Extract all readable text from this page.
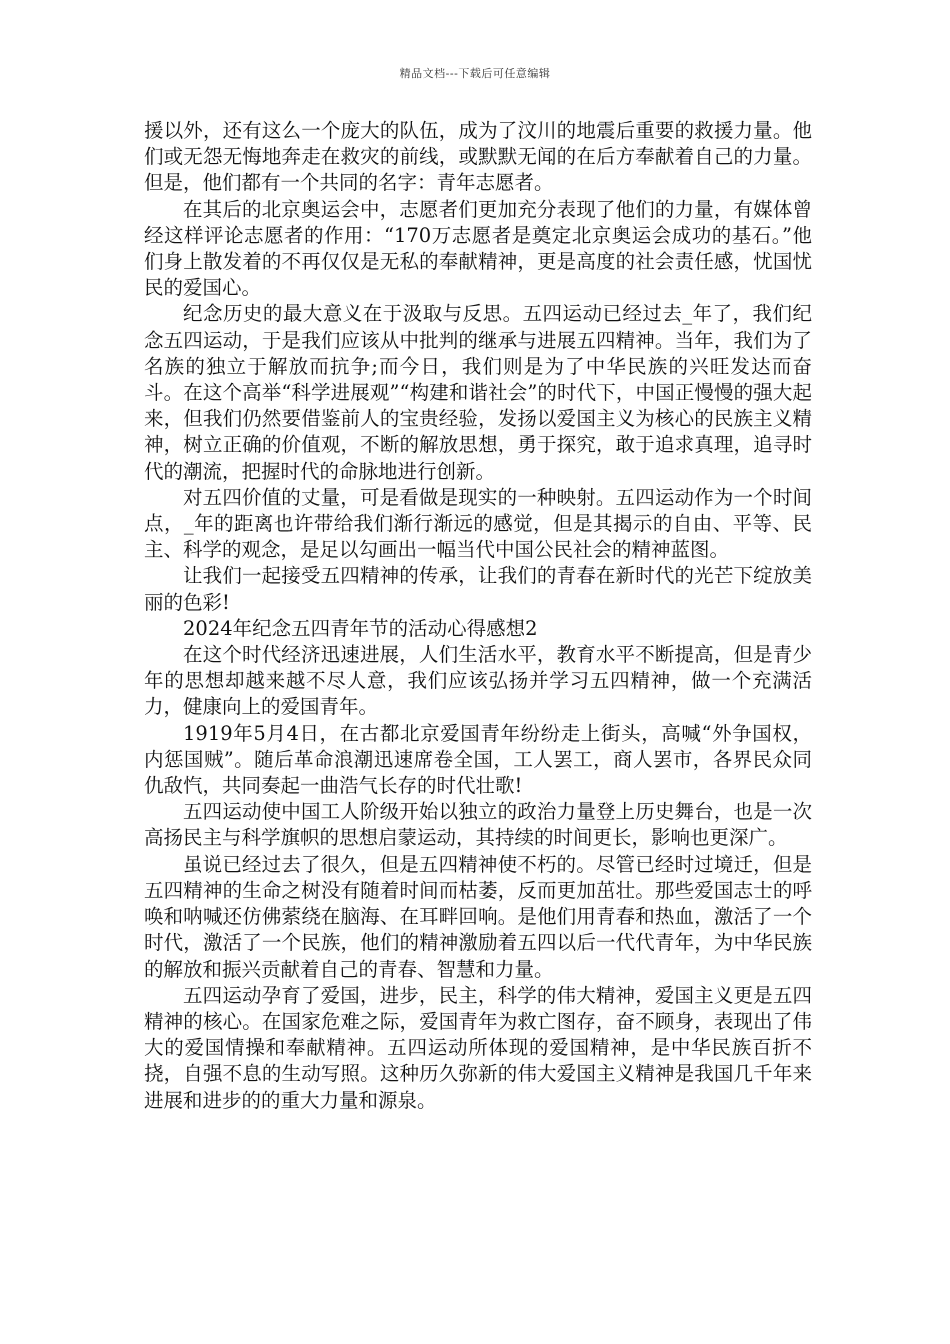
精品文档---下载后可任意编辑

援以外，还有这么一个庞大的队伍，成为了汶川的地震后重要的救援力量。他们或无怨无悔地奔走在救灾的前线，或默默无闻的在后方奉献着自己的力量。但是，他们都有一个共同的名字：青年志愿者。

在其后的北京奥运会中，志愿者们更加充分表现了他们的力量，有媒体曾经这样评论志愿者的作用：“170万志愿者是奠定北京奥运会成功的基石。”他们身上散发着的不再仅仅是无私的奉献精神，更是高度的社会责任感，忧国忧民的爱国心。

纪念历史的最大意义在于汲取与反思。五四运动已经过去_年了，我们纪念五四运动，于是我们应该从中批判的继承与进展五四精神。当年，我们为了名族的独立于解放而抗争;而今日，我们则是为了中华民族的兴旺发达而奋斗。在这个高举“科学进展观”“构建和谐社会”的时代下，中国正慢慢的强大起来，但我们仍然要借鉴前人的宝贵经验，发扬以爱国主义为核心的民族主义精神，树立正确的价值观，不断的解放思想，勇于探究，敢于追求真理，追寻时代的潮流，把握时代的命脉地进行创新。

对五四价值的丈量，可是看做是现实的一种映射。五四运动作为一个时间点，_年的距离也许带给我们渐行渐远的感觉，但是其揭示的自由、平等、民主、科学的观念，是足以勾画出一幅当代中国公民社会的精神蓝图。

让我们一起接受五四精神的传承，让我们的青春在新时代的光芒下绽放美丽的色彩!

2024年纪念五四青年节的活动心得感想2

在这个时代经济迅速进展，人们生活水平，教育水平不断提高，但是青少年的思想却越来越不尽人意，我们应该弘扬并学习五四精神，做一个充满活力，健康向上的爱国青年。

1919年5月4日，在古都北京爱国青年纷纷走上街头，高喊“外争国权，内惩国贼”。随后革命浪潮迅速席卷全国，工人罢工，商人罢市，各界民众同仇敌忾，共同奏起一曲浩气长存的时代壮歌!

五四运动使中国工人阶级开始以独立的政治力量登上历史舞台，也是一次高扬民主与科学旗帜的思想启蒙运动，其持续的时间更长，影响也更深广。

虽说已经过去了很久，但是五四精神使不朽的。尽管已经时过境迁，但是五四精神的生命之树没有随着时间而枯萎，反而更加茁壮。那些爱国志士的呼唤和呐喊还仿佛萦绕在脑海、在耳畔回响。是他们用青春和热血，激活了一个时代，激活了一个民族，他们的精神激励着五四以后一代代青年，为中华民族的解放和振兴贡献着自己的青春、智慧和力量。

五四运动孕育了爱国，进步，民主，科学的伟大精神，爱国主义更是五四精神的核心。在国家危难之际，爱国青年为救亡图存，奋不顾身，表现出了伟大的爱国情操和奉献精神。五四运动所体现的爱国精神，是中华民族百折不挠，自强不息的生动写照。这种历久弥新的伟大爱国主义精神是我国几千年来进展和进步的的重大力量和源泉。
